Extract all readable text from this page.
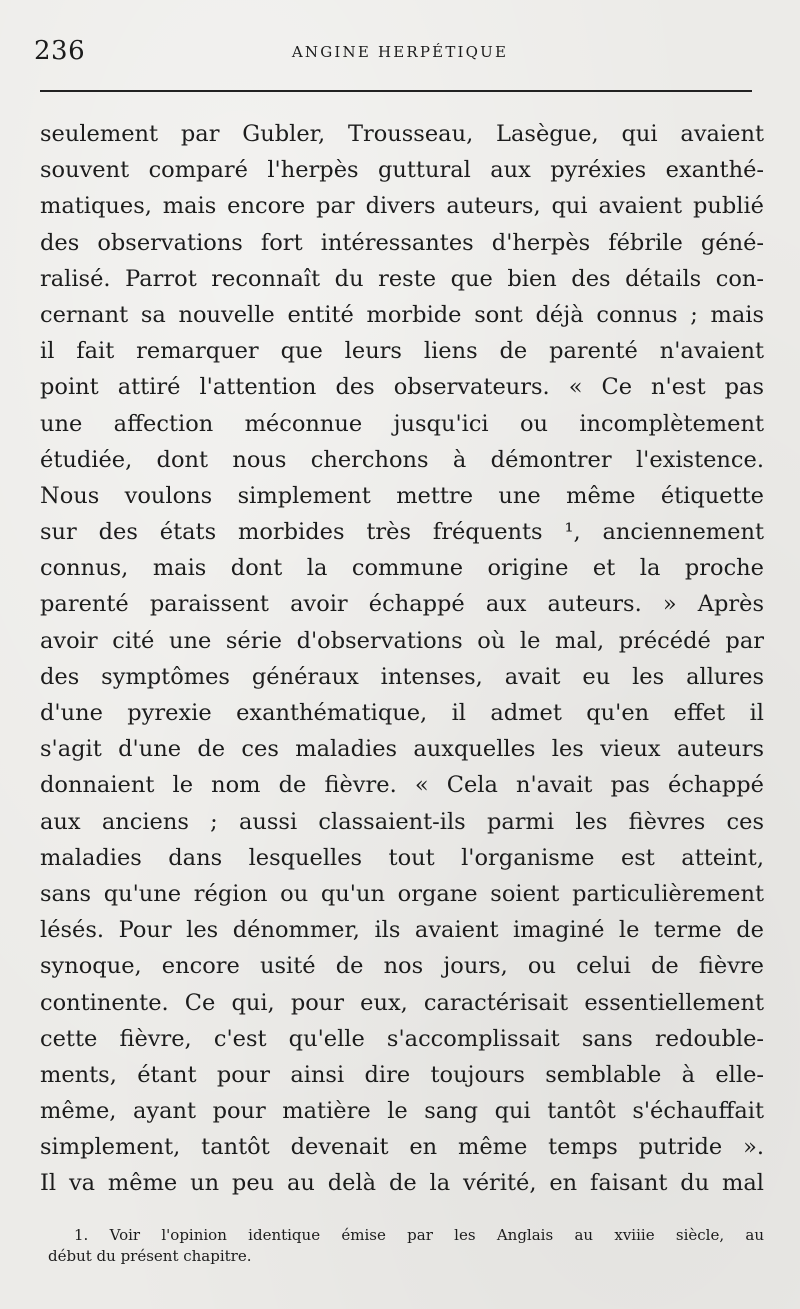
236	ANGINE HERPÉTIQUE
seulement par Gubler, Trousseau, Lasègue, qui avaient
souvent comparé l'herpès guttural aux pyréxies exanthé-
matiques, mais encore par divers auteurs, qui avaient publié
des observations fort intéressantes d'herpès fébrile géné-
ralisé. Parrot reconnaît du reste que bien des détails con-
cernant sa nouvelle entité morbide sont déjà connus ; mais
il fait remarquer que leurs liens de parenté n'avaient
point attiré l'attention des observateurs. « Ce n'est pas
une affection méconnue jusqu'ici ou incomplètement
étudiée, dont nous cherchons à démontrer l'existence.
Nous voulons simplement mettre une même étiquette
sur des états morbides très fréquents ¹, anciennement
connus, mais dont la commune origine et la proche
parenté paraissent avoir échappé aux auteurs. » Après
avoir cité une série d'observations où le mal, précédé par
des symptômes généraux intenses, avait eu les allures
d'une pyrexie exanthématique, il admet qu'en effet il
s'agit d'une de ces maladies auxquelles les vieux auteurs
donnaient le nom de fièvre. « Cela n'avait pas échappé
aux anciens ; aussi classaient-ils parmi les fièvres ces
maladies dans lesquelles tout l'organisme est atteint,
sans qu'une région ou qu'un organe soient particulièrement
lésés. Pour les dénommer, ils avaient imaginé le terme de
synoque, encore usité de nos jours, ou celui de fièvre
continente. Ce qui, pour eux, caractérisait essentiellement
cette fièvre, c'est qu'elle s'accomplissait sans redouble-
ments, étant pour ainsi dire toujours semblable à elle-
même, ayant pour matière le sang qui tantôt s'échauffait
simplement, tantôt devenait en même temps putride ».
Il va même un peu au delà de la vérité, en faisant du mal
1. Voir l'opinion identique émise par les Anglais au xviiie siècle, au
début du présent chapitre.
